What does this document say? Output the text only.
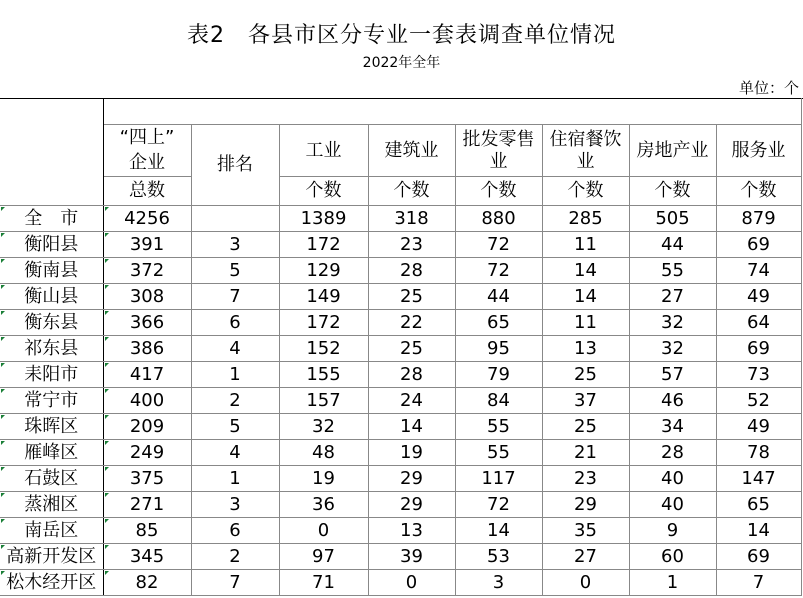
表2　各县市区分专业一套表调查单位情况
2022年全年
单位：个

	“四上”	排名	工业	建筑业	批发零售业	住宿餐饮业	房地产业	服务业
	企业							
	总数		个数	个数	个数	个数	个数	个数
全　市	4256		1389	318	880	285	505	879
衡阳县	391	3	172	23	72	11	44	69
衡南县	372	5	129	28	72	14	55	74
衡山县	308	7	149	25	44	14	27	49
衡东县	366	6	172	22	65	11	32	64
祁东县	386	4	152	25	95	13	32	69
耒阳市	417	1	155	28	79	25	57	73
常宁市	400	2	157	24	84	37	46	52
珠晖区	209	5	32	14	55	25	34	49
雁峰区	249	4	48	19	55	21	28	78
石鼓区	375	1	19	29	117	23	40	147
蒸湘区	271	3	36	29	72	29	40	65
南岳区	85	6	0	13	14	35	9	14
高新开发区	345	2	97	39	53	27	60	69
松木经开区	82	7	71	0	3	0	1	7
